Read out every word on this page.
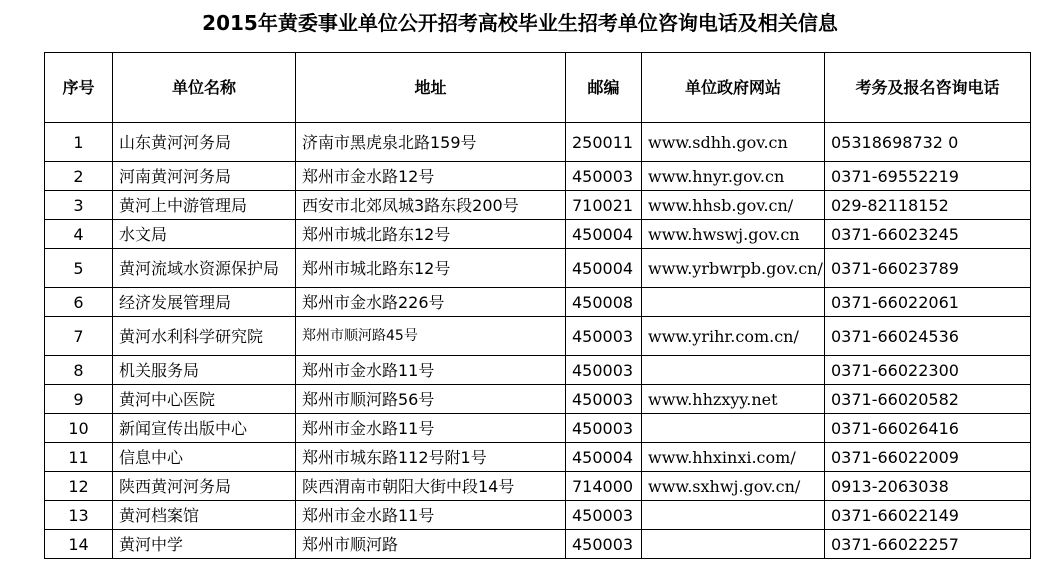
2015年黄委事业单位公开招考高校毕业生招考单位咨询电话及相关信息
序号	单位名称	地址	邮编	单位政府网站	考务及报名咨询电话
1	山东黄河河务局	济南市黑虎泉北路159号	250011	www.sdhh.gov.cn	05318698732 0
2	河南黄河河务局	郑州市金水路12号	450003	www.hnyr.gov.cn	0371-69552219
3	黄河上中游管理局	西安市北郊凤城3路东段200号	710021	www.hhsb.gov.cn/	029-82118152
4	水文局	郑州市城北路东12号	450004	www.hwswj.gov.cn	0371-66023245
5	黄河流域水资源保护局	郑州市城北路东12号	450004	www.yrbwrpb.gov.cn/	0371-66023789
6	经济发展管理局	郑州市金水路226号	450008		0371-66022061
7	黄河水利科学研究院	郑州市顺河路45号	450003	www.yrihr.com.cn/	0371-66024536
8	机关服务局	郑州市金水路11号	450003		0371-66022300
9	黄河中心医院	郑州市顺河路56号	450003	www.hhzxyy.net	0371-66020582
10	新闻宣传出版中心	郑州市金水路11号	450003		0371-66026416
11	信息中心	郑州市城东路112号附1号	450004	www.hhxinxi.com/	0371-66022009
12	陕西黄河河务局	陕西渭南市朝阳大街中段14号	714000	www.sxhwj.gov.cn/	0913-2063038
13	黄河档案馆	郑州市金水路11号	450003		0371-66022149
14	黄河中学	郑州市顺河路	450003		0371-66022257
